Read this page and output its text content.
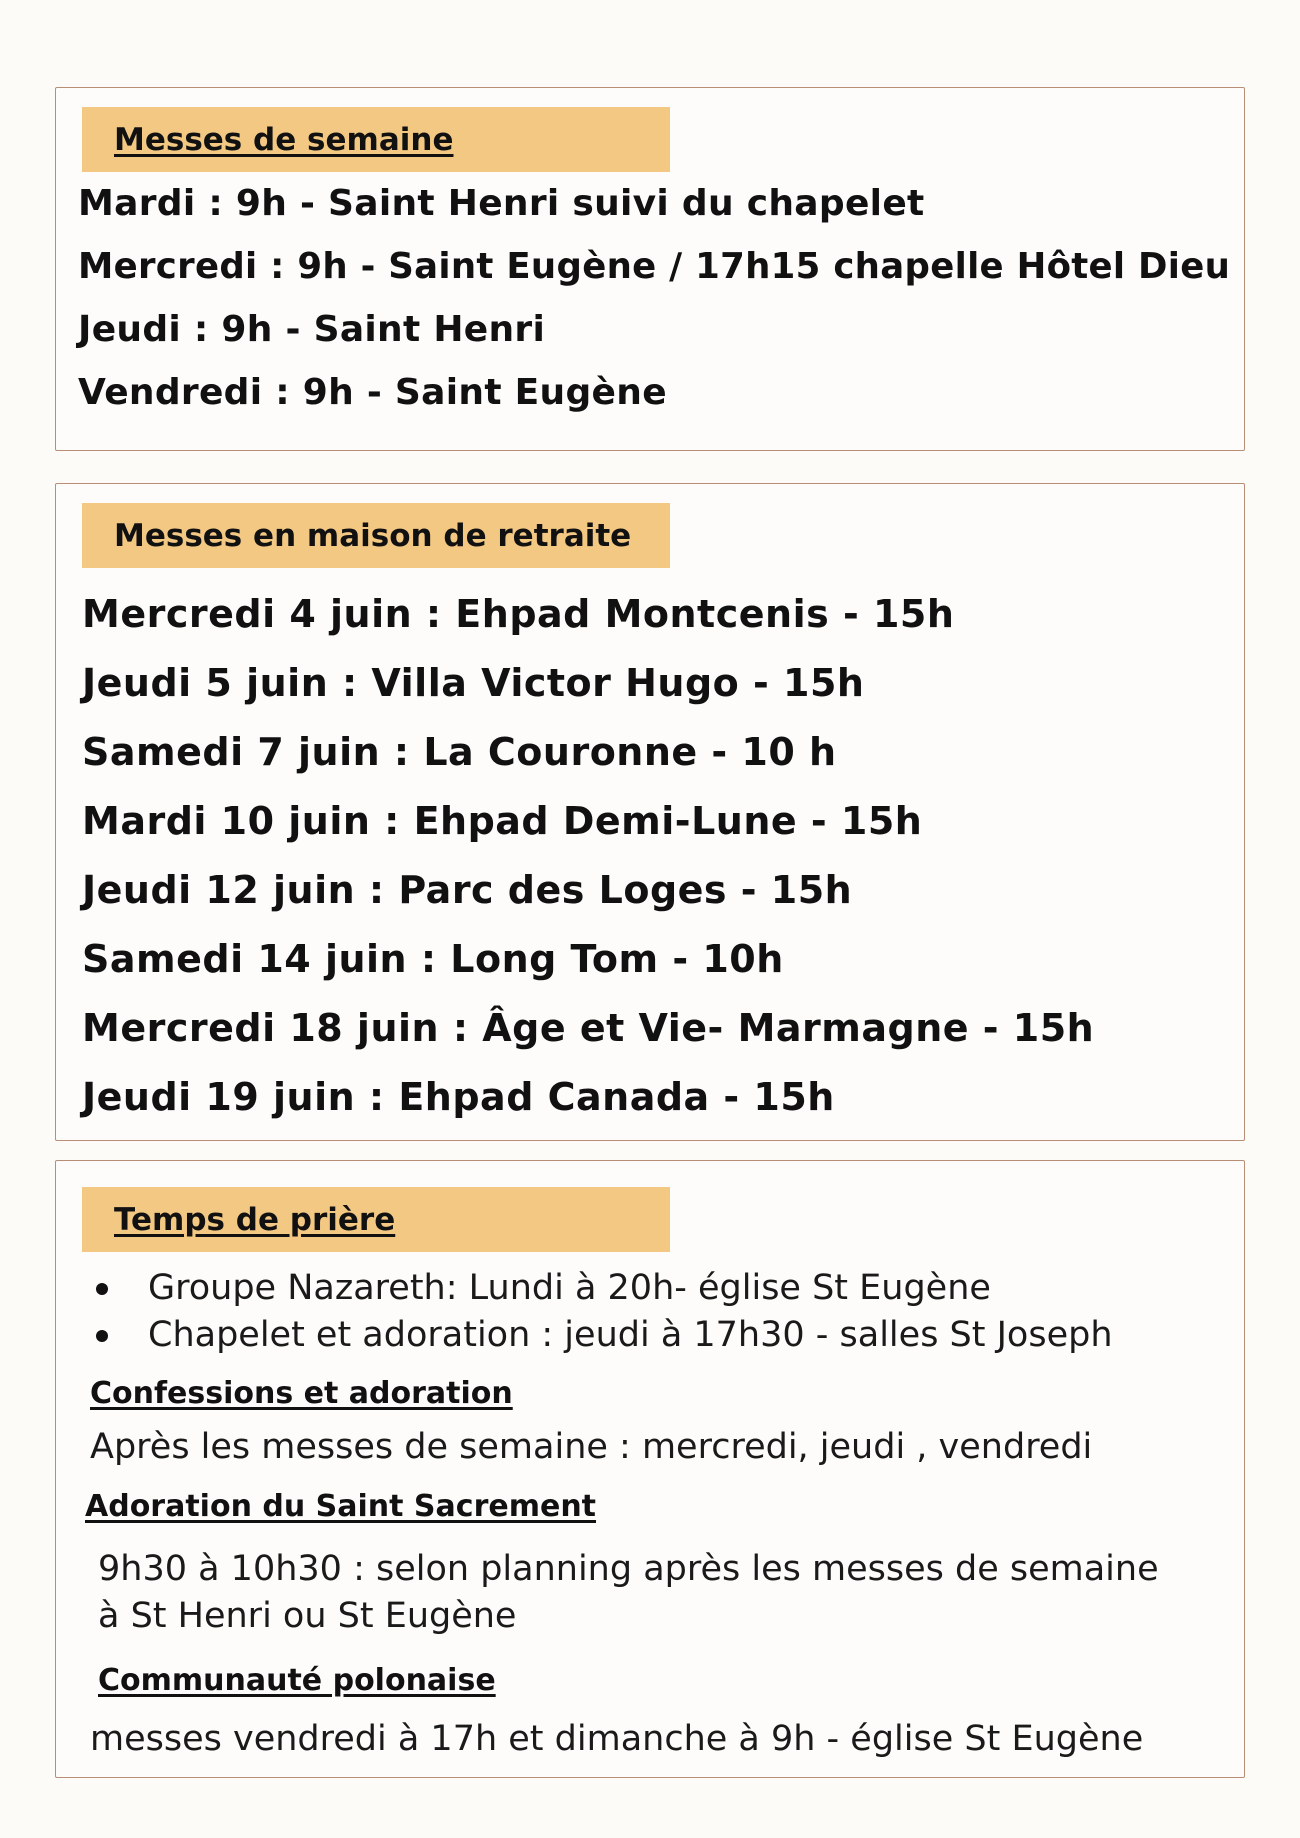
Messes de semaine
Mardi : 9h - Saint Henri suivi du chapelet
Mercredi : 9h - Saint Eugène / 17h15 chapelle Hôtel Dieu
Jeudi : 9h - Saint Henri
Vendredi : 9h - Saint Eugène
Messes en maison de retraite
Mercredi 4 juin : Ehpad Montcenis - 15h
Jeudi 5 juin : Villa Victor Hugo - 15h
Samedi 7 juin : La Couronne - 10 h
Mardi 10 juin : Ehpad Demi-Lune - 15h
Jeudi 12 juin : Parc des Loges - 15h
Samedi 14 juin : Long Tom - 10h
Mercredi 18 juin : Âge et Vie- Marmagne - 15h
Jeudi 19 juin : Ehpad Canada - 15h
Temps de prière
Groupe Nazareth: Lundi à 20h- église St Eugène
Chapelet et adoration : jeudi à 17h30 - salles St Joseph
Confessions et adoration
Après les messes de semaine : mercredi, jeudi , vendredi
Adoration du Saint Sacrement
9h30 à 10h30 : selon planning après les messes de semaine
à St Henri ou St Eugène
Communauté polonaise
messes vendredi à 17h et dimanche à 9h - église St Eugène
